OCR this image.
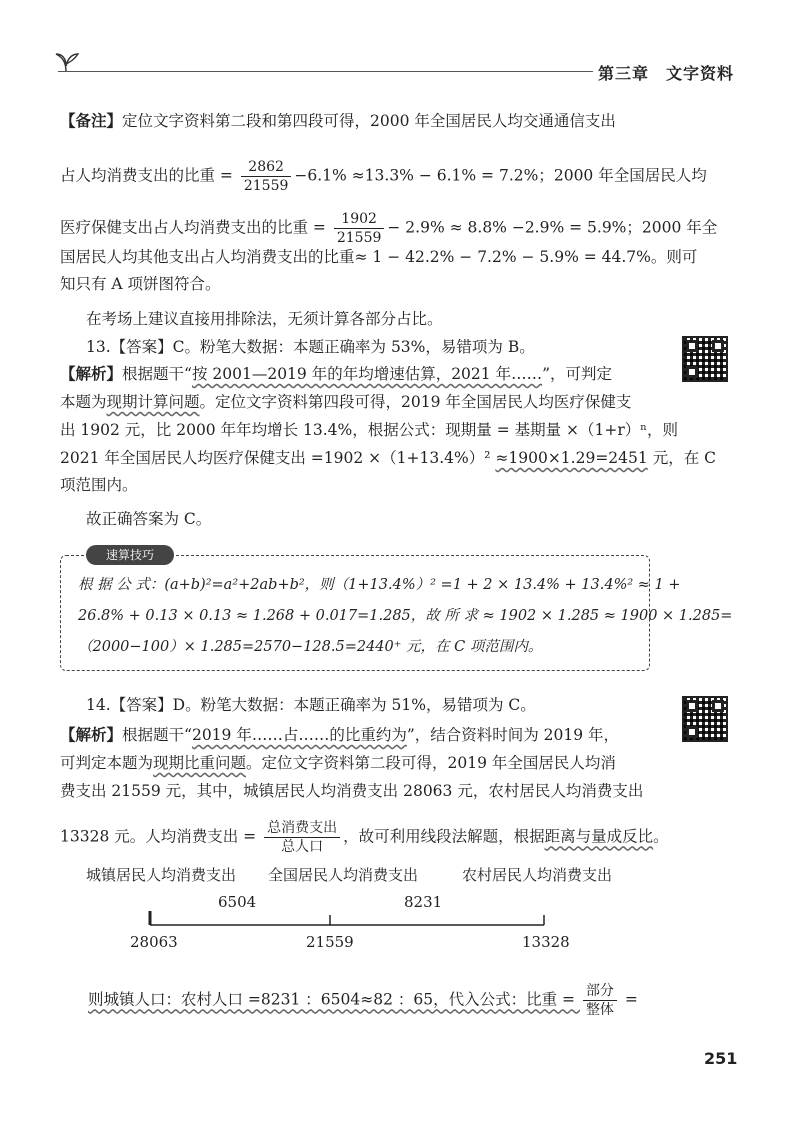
第三章　文字资料
【备注】定位文字资料第二段和第四段可得，2000 年全国居民人均交通通信支出
占人均消费支出的比重 = $\frac{2862}{21559} -6.1\% \approx 13.3\% - 6.1\% = 7.2\%$；2000 年全国居民人均
医疗保健支出占人均消费支出的比重 = $\frac{1902}{21559} - 2.9\% \approx 8.8\% -2.9\% = 5.9\%$；2000 年全
国居民人均其他支出占人均消费支出的比重≈ 1 − 42.2% − 7.2% − 5.9% = 44.7%。则可
知只有 A 项饼图符合。
在考场上建议直接用排除法，无须计算各部分占比。
13.【答案】C。粉笔大数据：本题正确率为 53%，易错项为 B。
【解析】根据题干“按 2001—2019 年的年均增速估算，2021 年……”，可判定
本题为现期计算问题。定位文字资料第四段可得，2019 年全国居民人均医疗保健支
出 1902 元，比 2000 年年均增长 13.4%，根据公式：现期量 = 基期量 ×（1+r）ⁿ，则
2021 年全国居民人均医疗保健支出 =1902 ×（1+13.4%）² ≈1900×1.29=2451 元，在 C
项范围内。
故正确答案为 C。
速算技巧
根 据 公 式：(a+b)²=a²+2ab+b²，则（1+13.4%）² =1 + 2 × 13.4% + 13.4%² ≈ 1 +
26.8% + 0.13 × 0.13 ≈ 1.268 + 0.017=1.285，故 所 求 ≈ 1902 × 1.285 ≈ 1900 × 1.285=
（2000−100）× 1.285=2570−128.5=2440⁺ 元，在 C 项范围内。
14.【答案】D。粉笔大数据：本题正确率为 51%，易错项为 C。
【解析】根据题干“2019 年……占……的比重约为”，结合资料时间为 2019 年，
可判定本题为现期比重问题。定位文字资料第二段可得，2019 年全国居民人均消
费支出 21559 元，其中，城镇居民人均消费支出 28063 元，农村居民人均消费支出
13328 元。人均消费支出 = $\frac{\text{总消费支出}}{\text{总人口}}$ ，故可利用线段法解题，根据距离与量成反比。
城镇居民人均消费支出 全国居民人均消费支出	农村居民人均消费支出
6504	8231
28063	21559	13328
则城镇人口：农村人口 =8231 ：6504≈82 ：65，代入公式：比重 = $\frac{\text{部分}}{\text{整体}}$ =
251
